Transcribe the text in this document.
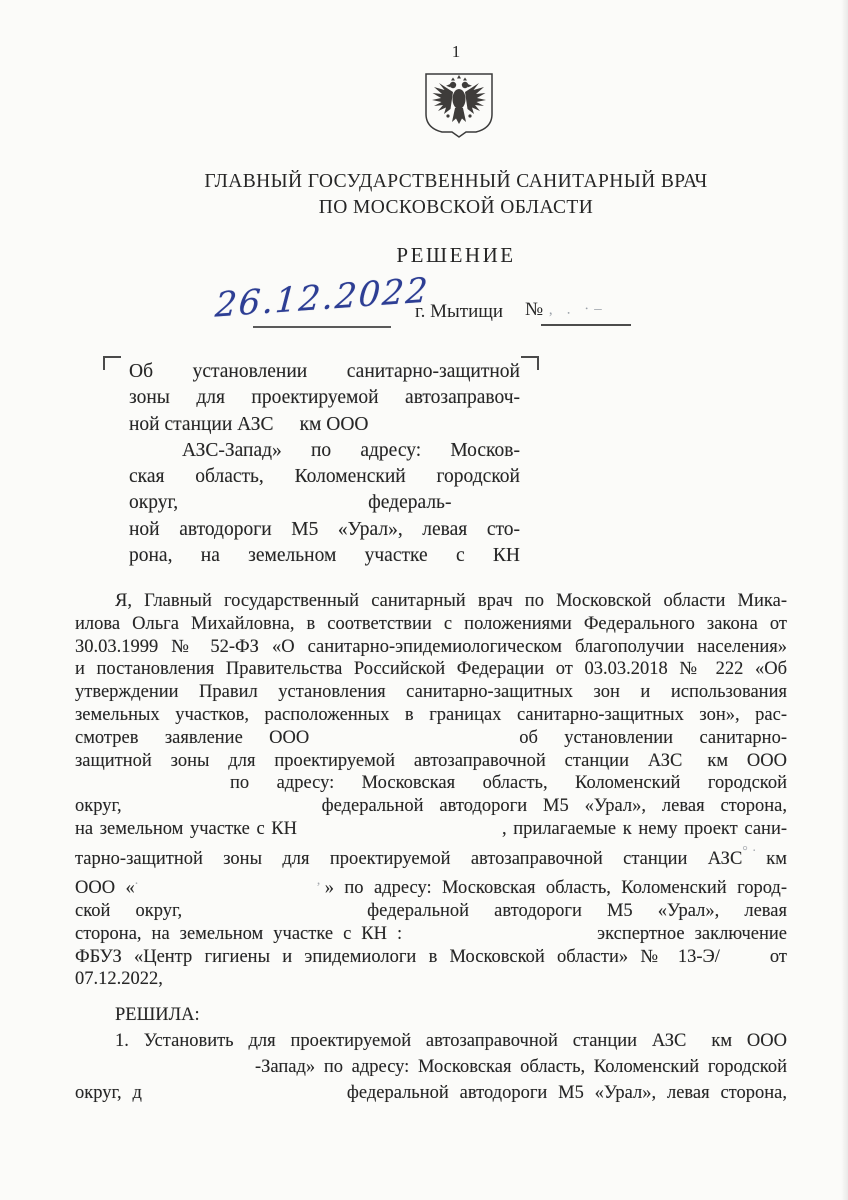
1
ГЛАВНЫЙ ГОСУДАРСТВЕННЫЙ САНИТАРНЫЙ ВРАЧ
ПО МОСКОВСКОЙ ОБЛАСТИ
РЕШЕНИЕ
26.12.2022
г. Мытищи № ‚ . ·–
Об установлении санитарно-защитной
зоны для проектируемой автозаправоч-
ной станции АЗС км ООО
АЗС-Запад» по адресу: Москов-
ская область, Коломенский городской
округ,	федераль-
ной автодороги М5 «Урал», левая сто-
рона, на земельном участке с КН
Я, Главный государственный санитарный врач по Московской области Мика-
илова Ольга Михайловна, в соответствии с положениями Федерального закона от
30.03.1999 № 52-ФЗ «О санитарно-эпидемиологическом благополучии населения»
и постановления Правительства Российской Федерации от 03.03.2018 № 222 «Об
утверждении Правил установления санитарно-защитных зон и использования
земельных участков, расположенных в границах санитарно-защитных зон», рас-
смотрев заявление ООО	об установлении санитарно-
защитной зоны для проектируемой автозаправочной станции АЗС км ООО
по адресу: Московская область, Коломенский городской
округ,	федеральной автодороги М5 «Урал», левая сторона,
на земельном участке с КН	, прилагаемые к нему проект сани-
тарно-защитной зоны для проектируемой автозаправочной станции АЗС°· км
ООО «. ‚» по адресу: Московская область, Коломенский город-
ской округ,	федеральной автодороги М5 «Урал», левая
сторона, на земельном участке с КН :	экспертное заключение
ФБУЗ «Центр гигиены и эпидемиологи в Московской области» № 13-Э/	от
07.12.2022,
РЕШИЛА:
1. Установить для проектируемой автозаправочной станции АЗС км ООО
-Запад» по адресу: Московская область, Коломенский городской
округ, д	федеральной автодороги М5 «Урал», левая сторона,
